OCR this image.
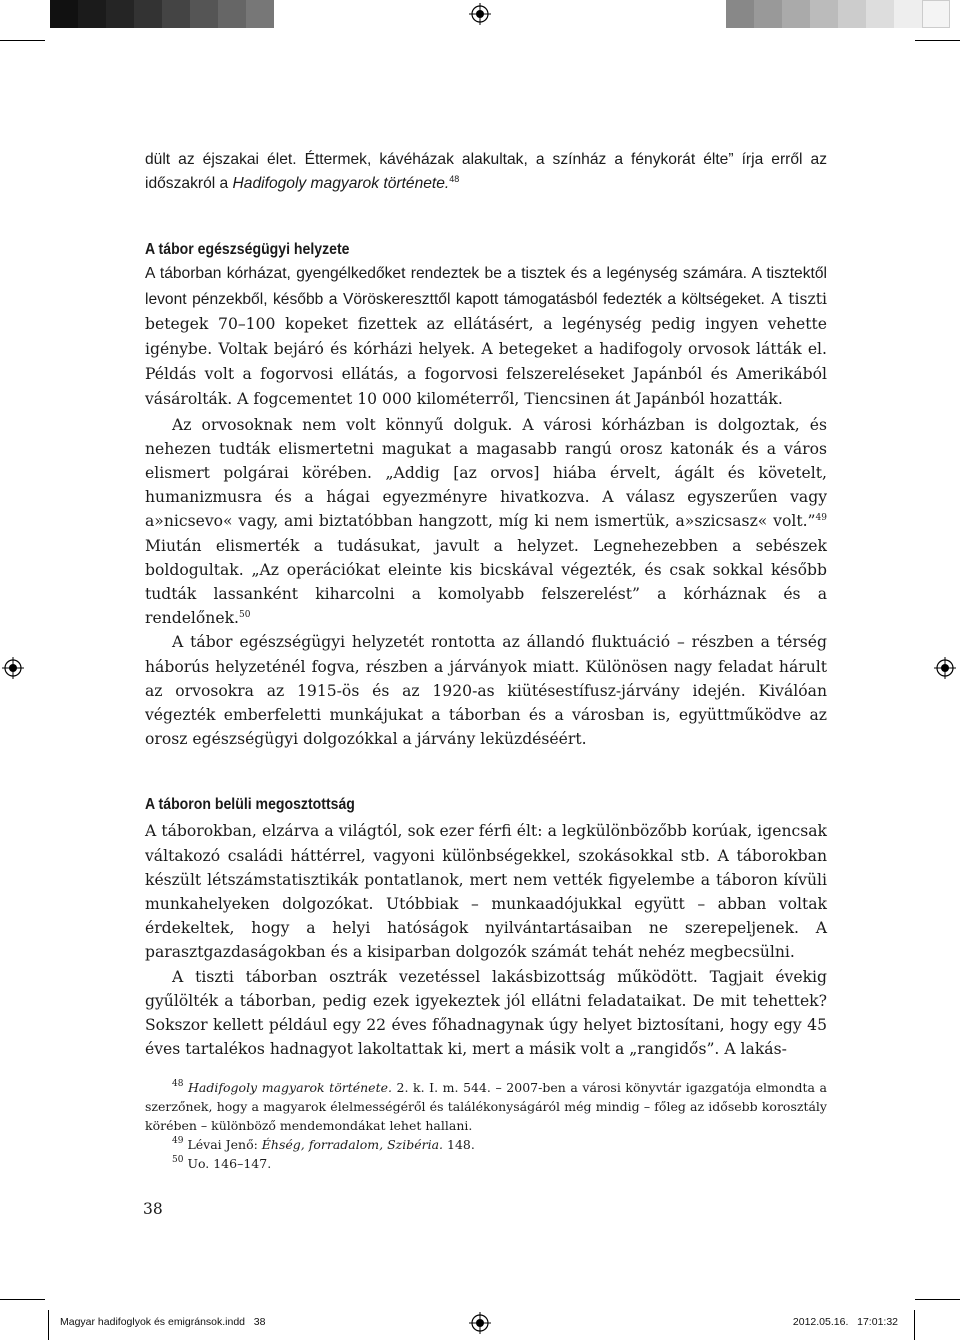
dült az éjszakai élet. Éttermek, kávéházak alakultak, a színház a fénykorát élte” írja erről az időszakról a Hadifogoly magyarok története.$^{48}$

A tábor egészségügyi helyzete

A táborban kórházat, gyengélkedőket rendeztek be a tisztek és a legénység számára. A tisztektől levont pénzekből, később a Vöröskereszttől kapott támogatásból fedezték a költségeket. A tiszti betegek 70–100 kopeket fizettek az ellátásért, a legénység pedig ingyen vehette igénybe. Voltak bejáró és kórházi helyek. A betegeket a hadifogoly orvosok látták el. Példás volt a fogorvosi ellátás, a fogorvosi felszereléseket Japánból és Amerikából vásárolták. A fogcementet 10 000 kilométerről, Tiencsinen át Japánból hozatták.

Az orvosoknak nem volt könnyű dolguk. A városi kórházban is dolgoztak, és nehezen tudták elismertetni magukat a magasabb rangú orosz katonák és a város elismert polgárai körében. „Addig [az orvos] hiába érvelt, ágált és követelt, humanizmusra és a hágai egyezményre hivatkozva. A válasz egyszerűen vagy a»nicsevo« vagy, ami biztatóbban hangzott, míg ki nem ismertük, a»szicsasz« volt.”$^{49}$ Miután elismerték a tudásukat, javult a helyzet. Legnehezebben a sebészek boldogultak. „Az operációkat eleinte kis bicskával végezték, és csak sokkal később tudták lassanként kiharcolni a komolyabb felszerelést” a kórháznak és a rendelőnek.$^{50}$

A tábor egészségügyi helyzetét rontotta az állandó fluktuáció – részben a térség háborús helyzeténél fogva, részben a járványok miatt. Különösen nagy feladat hárult az orvosokra az 1915-ös és az 1920-as kiütésestífusz-járvány idején. Kiválóan végezték emberfeletti munkájukat a táborban és a városban is, együttműködve az orosz egészségügyi dolgozókkal a járvány leküzdéséért.

A táboron belüli megosztottság

A táborokban, elzárva a világtól, sok ezer férfi élt: a legkülönbözőbb korúak, igencsak váltakozó családi háttérrel, vagyoni különbségekkel, szokásokkal stb. A táborokban készült létszámstatisztikák pontatlanok, mert nem vették figyelembe a táboron kívüli munkahelyeken dolgozókat. Utóbbiak – munkaadójukkal együtt – abban voltak érdekeltek, hogy a helyi hatóságok nyilvántartásaiban ne szerepeljenek. A parasztgazdaságokban és a kisiparban dolgozók számát tehát nehéz megbecsülni.

A tiszti táborban osztrák vezetéssel lakásbizottság működött. Tagjait évekig gyűlölték a táborban, pedig ezek igyekeztek jól ellátni feladataikat. De mit tehettek? Sokszor kellett például egy 22 éves főhadnagynak úgy helyet biztosítani, hogy egy 45 éves tartalékos hadnagyot lakoltattak ki, mert a másik volt a „rangidős”. A lakás-

$^{48}$ Hadifogoly magyarok története. 2. k. I. m. 544. – 2007-ben a városi könyvtár igazgatója elmondta a szerzőnek, hogy a magyarok élelmességéről és találékonyságáról még mindig – főleg az idősebb korosztály körében – különböző mendemondákat lehet hallani.

$^{49}$ Lévai Jenő: Éhség, forradalom, Szibéria. 148.

$^{50}$ Uo. 146–147.

38
Magyar hadifoglyok és emigránsok.indd   38	2012.05.16.   17:01:32
